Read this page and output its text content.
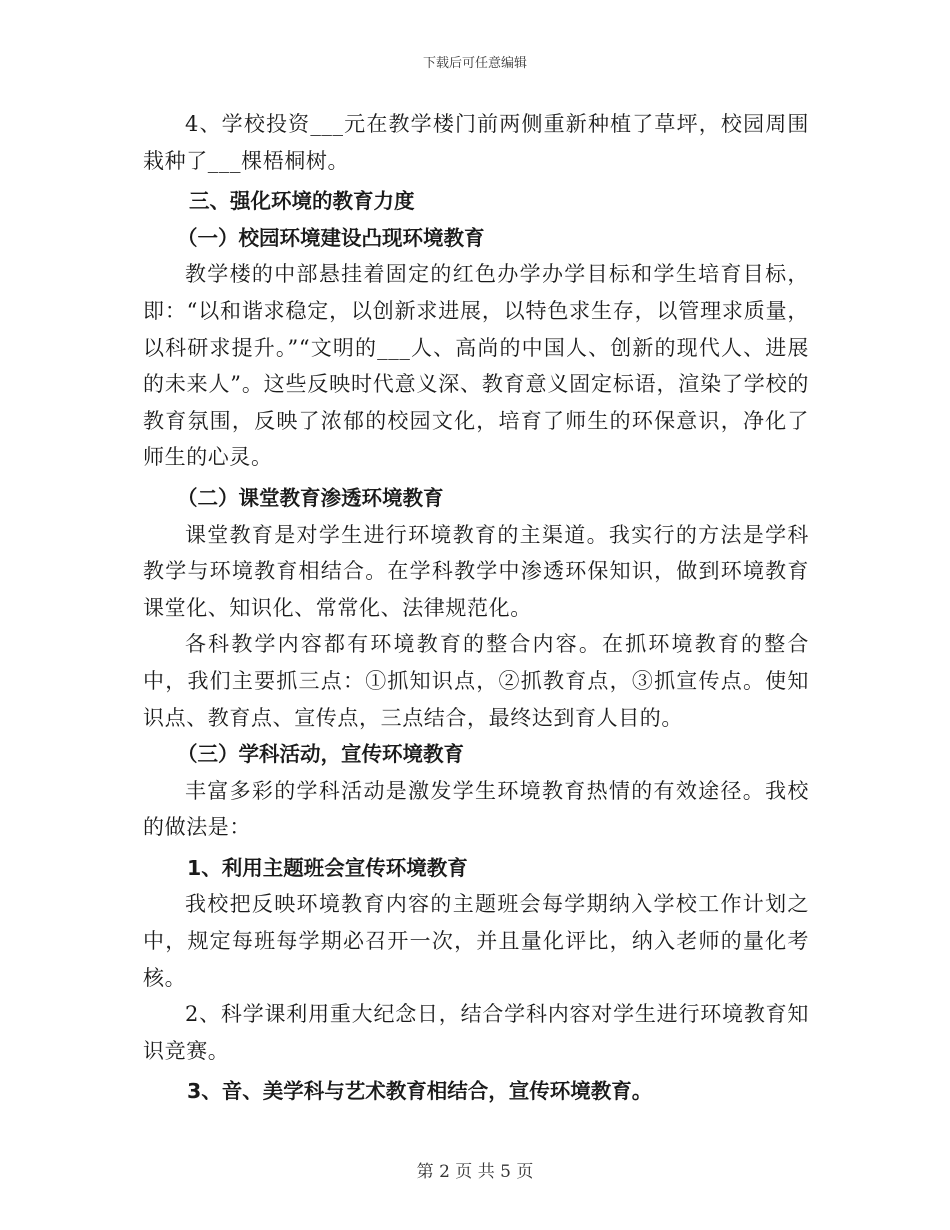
下载后可任意编辑

4、学校投资___元在教学楼门前两侧重新种植了草坪，校园周围栽种了___棵梧桐树。

三、强化环境的教育力度

（一）校园环境建设凸现环境教育

教学楼的中部悬挂着固定的红色办学办学目标和学生培育目标，即：“以和谐求稳定，以创新求进展，以特色求生存，以管理求质量，以科研求提升。”“文明的___人、高尚的中国人、创新的现代人、进展的未来人”。这些反映时代意义深、教育意义固定标语，渲染了学校的教育氛围，反映了浓郁的校园文化，培育了师生的环保意识，净化了师生的心灵。

（二）课堂教育渗透环境教育

课堂教育是对学生进行环境教育的主渠道。我实行的方法是学科教学与环境教育相结合。在学科教学中渗透环保知识，做到环境教育课堂化、知识化、常常化、法律规范化。

各科教学内容都有环境教育的整合内容。在抓环境教育的整合中，我们主要抓三点：①抓知识点，②抓教育点，③抓宣传点。使知识点、教育点、宣传点，三点结合，最终达到育人目的。

（三）学科活动，宣传环境教育

丰富多彩的学科活动是激发学生环境教育热情的有效途径。我校的做法是：

1、利用主题班会宣传环境教育

我校把反映环境教育内容的主题班会每学期纳入学校工作计划之中，规定每班每学期必召开一次，并且量化评比，纳入老师的量化考核。

2、科学课利用重大纪念日，结合学科内容对学生进行环境教育知识竞赛。

3、音、美学科与艺术教育相结合，宣传环境教育。

第 2 页 共 5 页
